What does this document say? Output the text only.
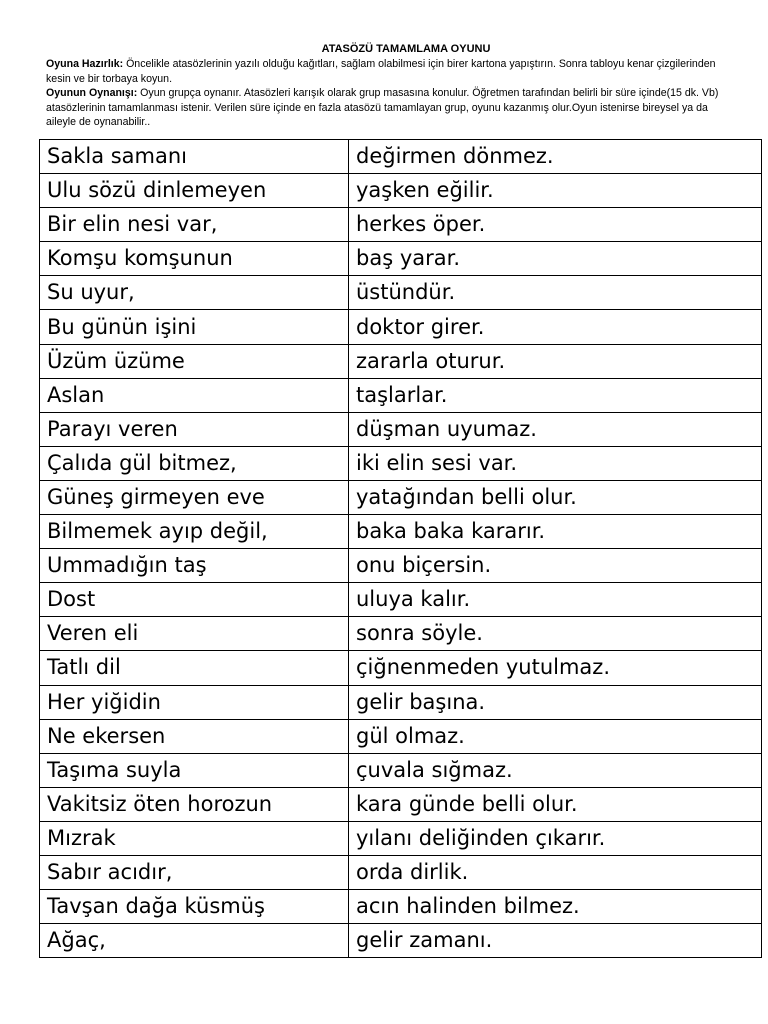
ATASÖZÜ TAMAMLAMA OYUNU
Oyuna Hazırlık: Öncelikle atasözlerinin yazılı olduğu kağıtları, sağlam olabilmesi için birer kartona yapıştırın. Sonra tabloyu kenar çizgilerinden kesin ve bir torbaya koyun.
Oyunun Oynanışı: Oyun grupça oynanır. Atasözleri karışık olarak grup masasına konulur. Öğretmen tarafından belirli bir süre içinde(15 dk. Vb) atasözlerinin tamamlanması istenir. Verilen süre içinde en fazla atasözü tamamlayan grup, oyunu kazanmış olur.Oyun istenirse bireysel ya da aileyle de oynanabilir..
Sakla samanı	değirmen dönmez.
Ulu sözü dinlemeyen	yaşken eğilir.
Bir elin nesi var,	herkes öper.
Komşu komşunun	baş yarar.
Su uyur,	üstündür.
Bu günün işini	doktor girer.
Üzüm üzüme	zararla oturur.
Aslan	taşlarlar.
Parayı veren	düşman uyumaz.
Çalıda gül bitmez,	iki elin sesi var.
Güneş girmeyen eve	yatağından belli olur.
Bilmemek ayıp değil,	baka baka kararır.
Ummadığın taş	onu biçersin.
Dost	uluya kalır.
Veren eli	sonra söyle.
Tatlı dil	çiğnenmeden yutulmaz.
Her yiğidin	gelir başına.
Ne ekersen	gül olmaz.
Taşıma suyla	çuvala sığmaz.
Vakitsiz öten horozun	kara günde belli olur.
Mızrak	yılanı deliğinden çıkarır.
Sabır acıdır,	orda dirlik.
Tavşan dağa küsmüş	acın halinden bilmez.
Ağaç,	gelir zamanı.
